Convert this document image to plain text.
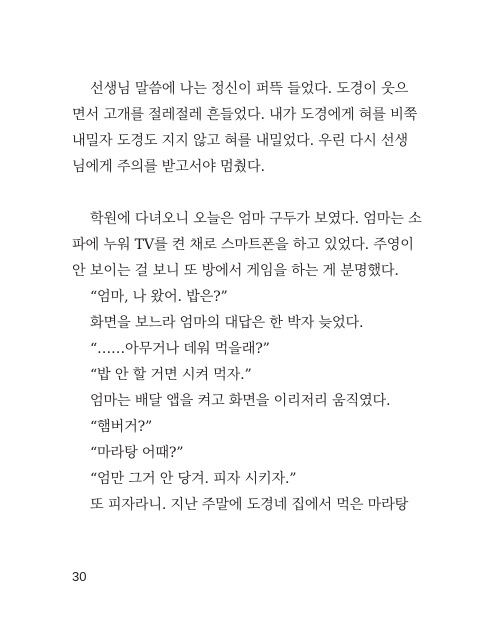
선생님 말씀에 나는 정신이 퍼뜩 들었다. 도경이 웃으
면서 고개를 절레절레 흔들었다. 내가 도경에게 혀를 비쭉
내밀자 도경도 지지 않고 혀를 내밀었다. 우린 다시 선생
님에게 주의를 받고서야 멈췄다.

학원에 다녀오니 오늘은 엄마 구두가 보였다. 엄마는 소
파에 누워 TV를 켠 채로 스마트폰을 하고 있었다. 주영이
안 보이는 걸 보니 또 방에서 게임을 하는 게 분명했다.

“엄마, 나 왔어. 밥은?”

화면을 보느라 엄마의 대답은 한 박자 늦었다.

“……아무거나 데워 먹을래?”

“밥 안 할 거면 시켜 먹자.”

엄마는 배달 앱을 켜고 화면을 이리저리 움직였다.

“햄버거?”

“마라탕 어때?”

“엄만 그거 안 당겨. 피자 시키자.”

또 피자라니. 지난 주말에 도경네 집에서 먹은 마라탕

30
